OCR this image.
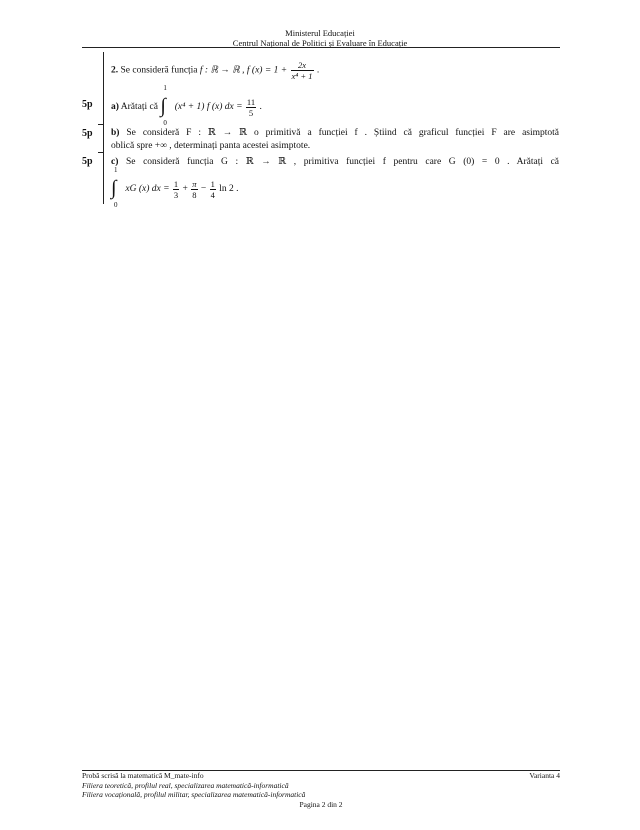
Ministerul Educației
Centrul Național de Politici și Evaluare în Educație
5p
5p
5p
2. Se consideră funcția f : ℝ → ℝ , f $(x) = 1 + \frac{2x}{\text{x⁴ + 1}}$ .
a) Arătați că
1
∫
0
(x⁴ + 1) f (x) dx = $\frac{11}{5}$ .
b) Se consideră F : ℝ → ℝ o primitivă a funcției f . Știind că graficul funcției F are asimptotă
oblică spre +∞ , determinați panta acestei asimptote.
c) Se consideră funcția G : ℝ → ℝ , primitiva funcției f pentru care G (0) = 0 . Arătați că
1
∫
0
xG (x) dx = $\frac{1}{3} + \frac{\pi}{8} - \frac{1}{4}$ ln 2 .
Probă scrisă la matematică M_mate-info	Varianta 4
Filiera teoretică, profilul real, specializarea matematică-informatică
Filiera vocațională, profilul militar, specializarea matematică-informatică
Pagina 2 din 2
